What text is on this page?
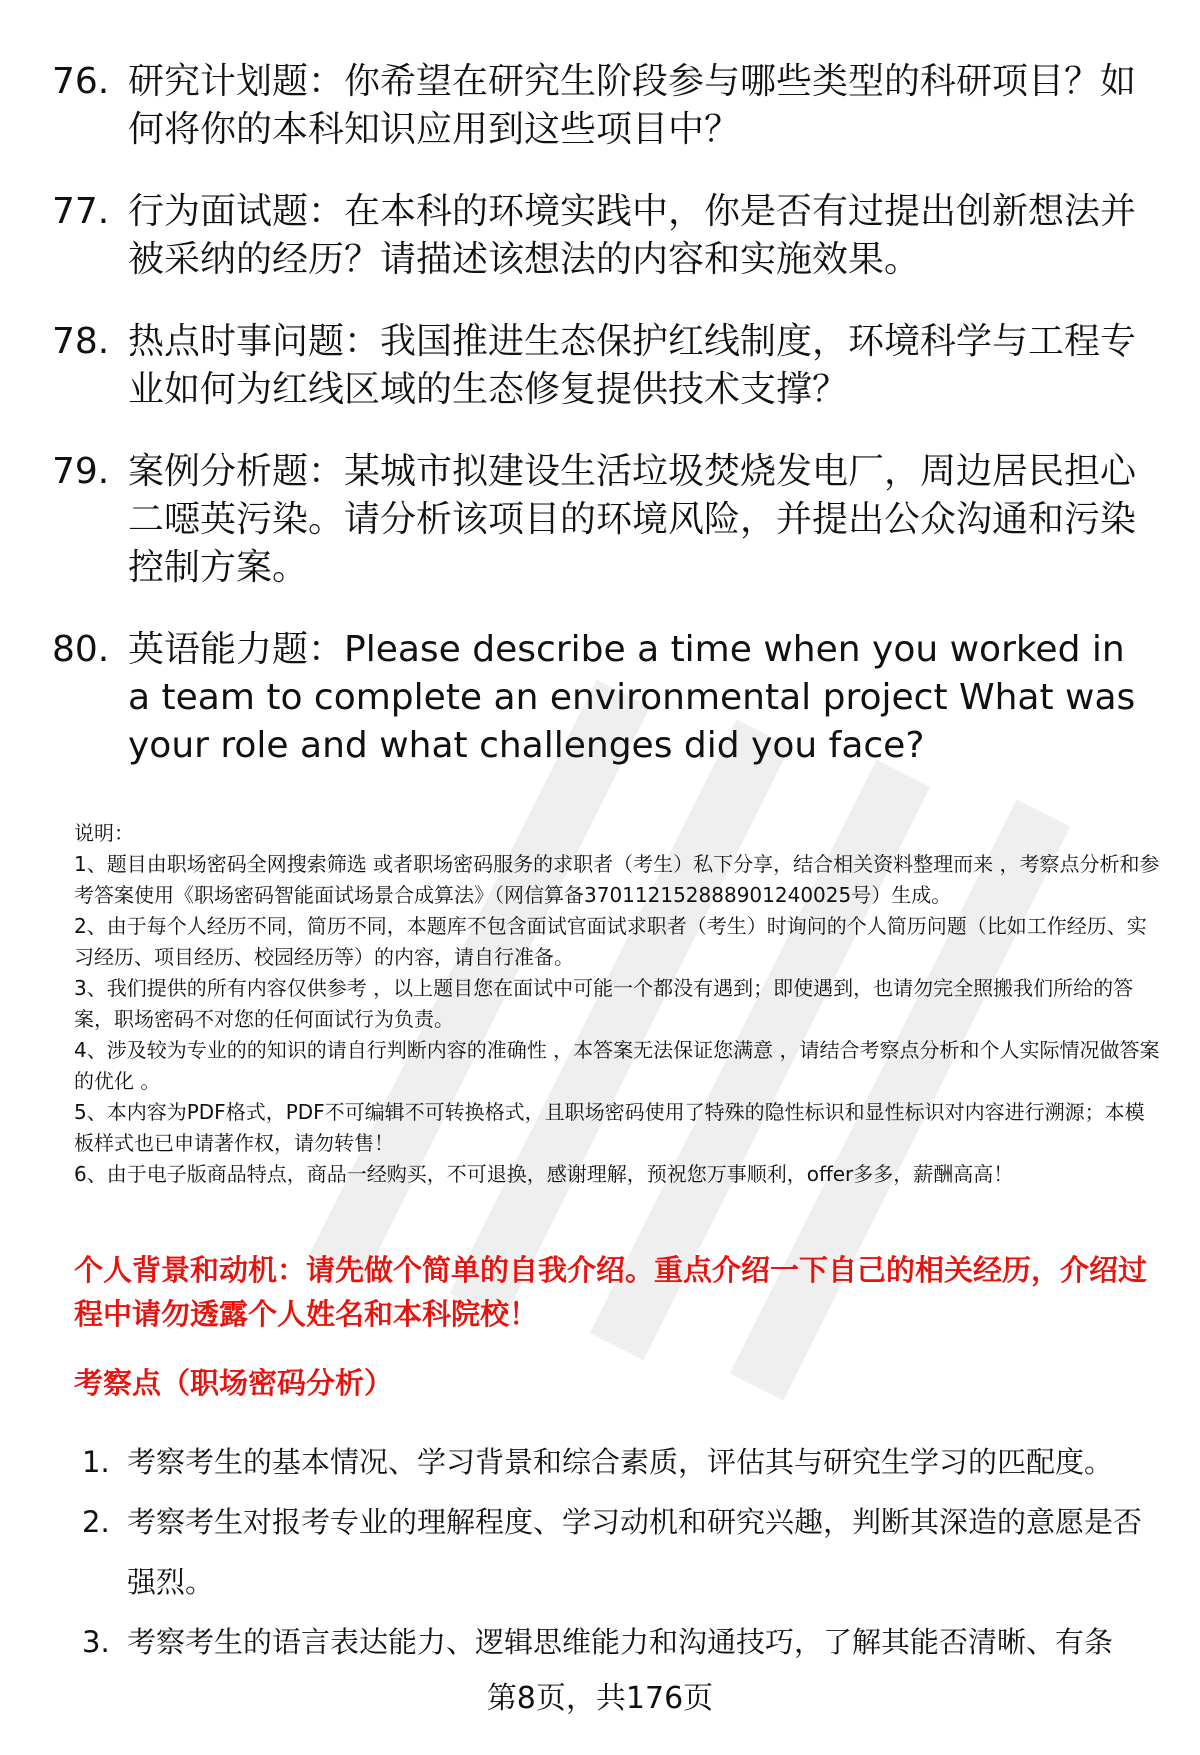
76. 研究计划题：你希望在研究生阶段参与哪些类型的科研项目？如何将你的本科知识应用到这些项目中？
77. 行为面试题：在本科的环境实践中，你是否有过提出创新想法并被采纳的经历？请描述该想法的内容和实施效果。
78. 热点时事问题：我国推进生态保护红线制度，环境科学与工程专业如何为红线区域的生态修复提供技术支撑？
79. 案例分析题：某城市拟建设生活垃圾焚烧发电厂，周边居民担心二噁英污染。请分析该项目的环境风险，并提出公众沟通和污染控制方案。
80. 英语能力题：Please describe a time when you worked in a team to complete an environmental project What was your role and what challenges did you face?

说明：

1、题目由职场密码全网搜索筛选 或者职场密码服务的求职者（考生）私下分享，结合相关资料整理而来 ，考察点分析和参考答案使用《职场密码智能面试场景合成算法》（网信算备370112152888901240025号）生成。

2、由于每个人经历不同，简历不同，本题库不包含面试官面试求职者（考生）时询问的个人简历问题（比如工作经历、实习经历、项目经历、校园经历等）的内容，请自行准备。

3、我们提供的所有内容仅供参考 ，以上题目您在面试中可能一个都没有遇到；即使遇到，也请勿完全照搬我们所给的答案，职场密码不对您的任何面试行为负责。

4、涉及较为专业的的知识的请自行判断内容的准确性 ，本答案无法保证您满意 ，请结合考察点分析和个人实际情况做答案的优化 。

5、本内容为PDF格式，PDF不可编辑不可转换格式，且职场密码使用了特殊的隐性标识和显性标识对内容进行溯源；本模板样式也已申请著作权，请勿转售！

6、由于电子版商品特点，商品一经购买，不可退换，感谢理解，预祝您万事顺利，offer多多，薪酬高高！

个人背景和动机：请先做个简单的自我介绍。重点介绍一下自己的相关经历，介绍过程中请勿透露个人姓名和本科院校！
考察点（职场密码分析）
1. 考察考生的基本情况、学习背景和综合素质，评估其与研究生学习的匹配度。
2. 考察考生对报考专业的理解程度、学习动机和研究兴趣，判断其深造的意愿是否强烈。
3. 考察考生的语言表达能力、逻辑思维能力和沟通技巧，了解其能否清晰、有条
第8页，共176页
